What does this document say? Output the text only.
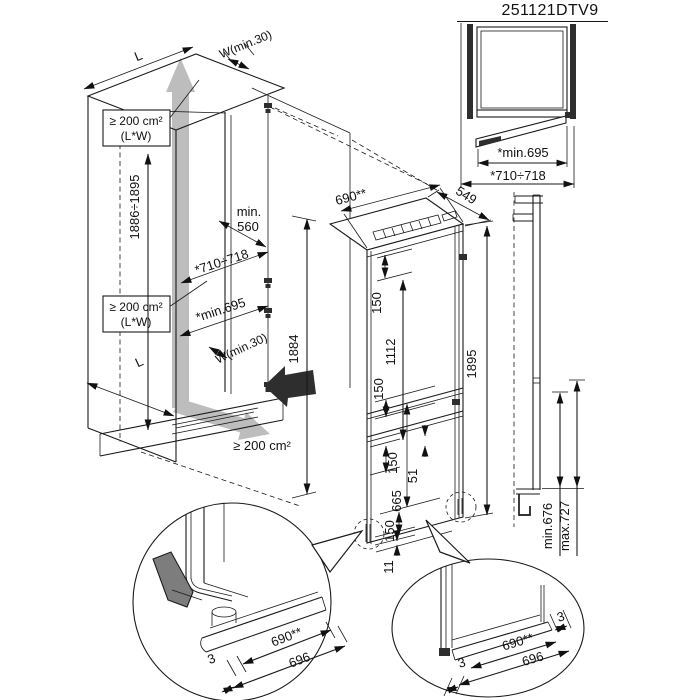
251121DTV9
*min.695
*710÷718
≥ 200 cm²
(L*W)
≥ 200 cm²
(L*W)
L	W(min.30)
1886÷1895	min.
560
*710÷718
*min.695
W(min.30)
L	1884
≥ 200 cm²
690**	549
150
1112	1895
150
150
51
665
150
11
min.676 max.727
3
690**
696	3
690**
696
3
